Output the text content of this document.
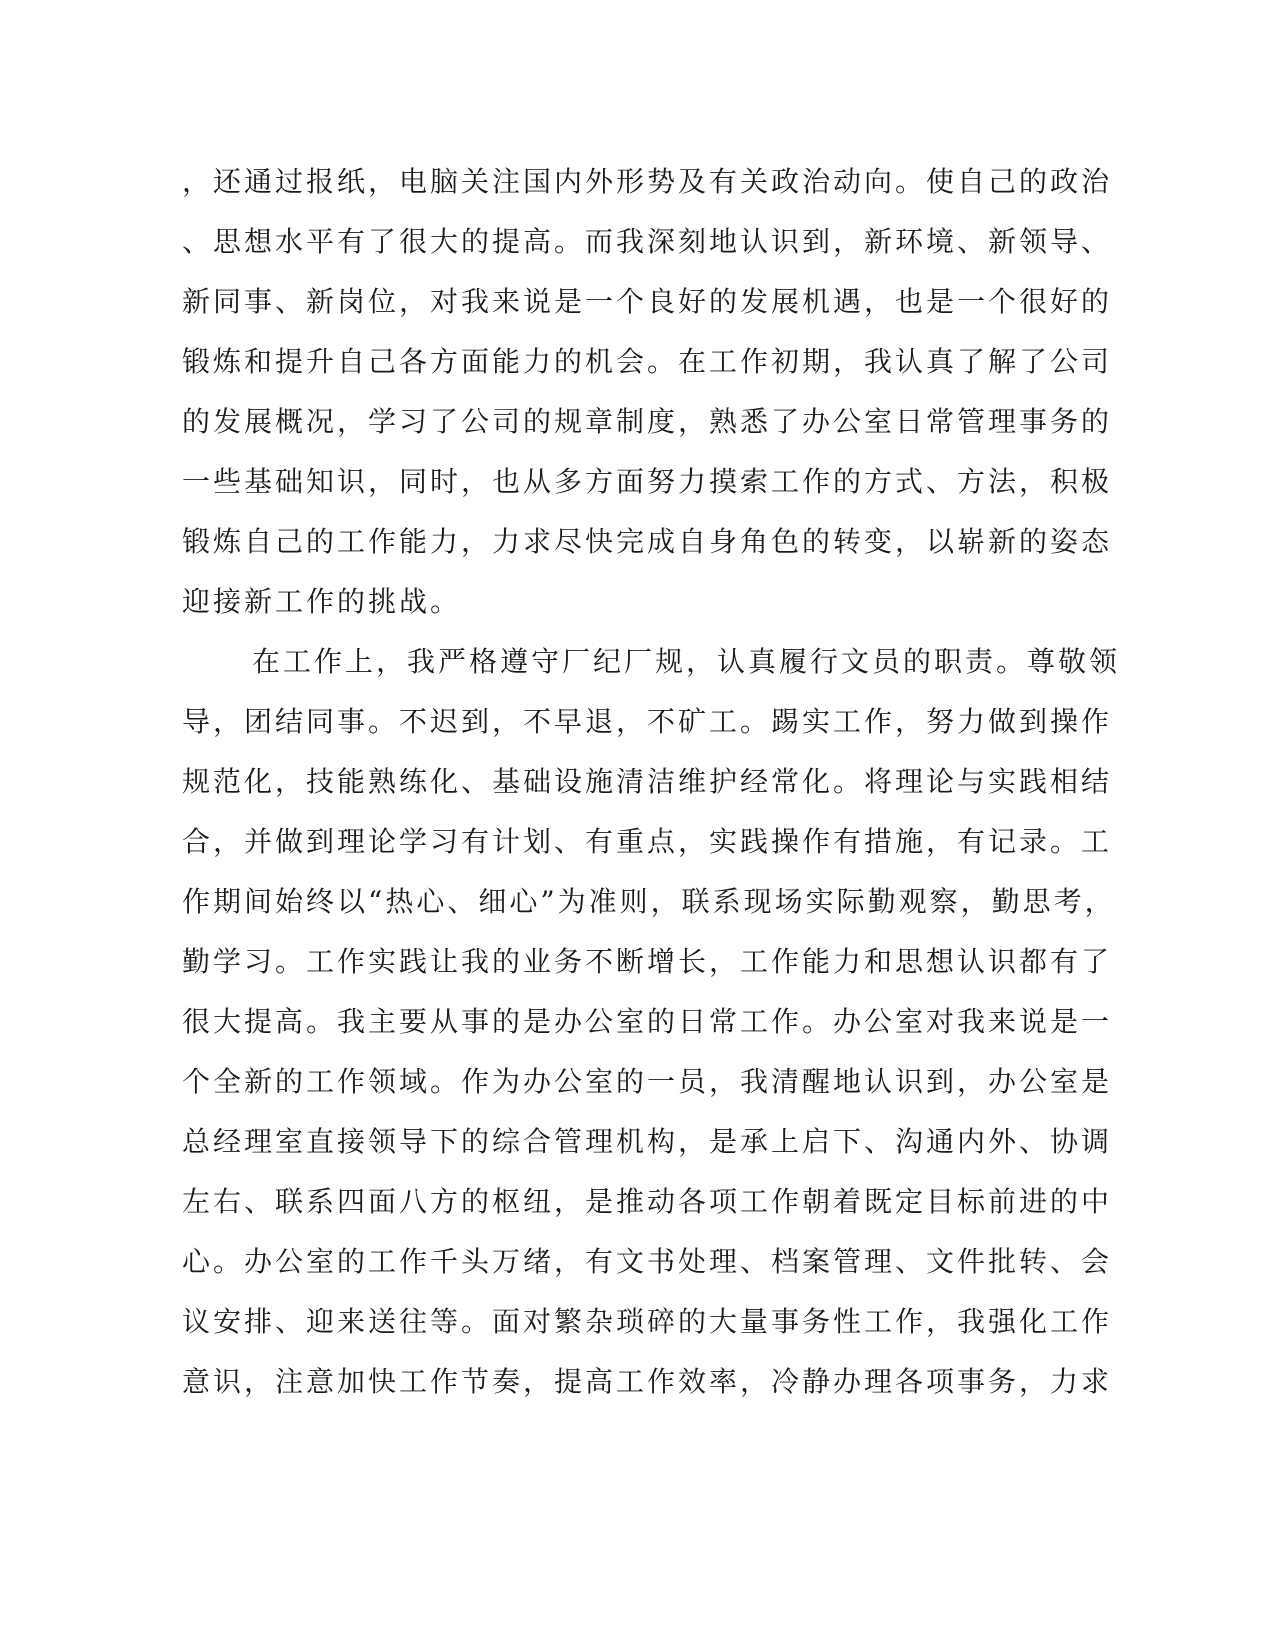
，还通过报纸，电脑关注国内外形势及有关政治动向。使自己的政治
、思想水平有了很大的提高。而我深刻地认识到，新环境、新领导、
新同事、新岗位，对我来说是一个良好的发展机遇，也是一个很好的
锻炼和提升自己各方面能力的机会。在工作初期，我认真了解了公司
的发展概况，学习了公司的规章制度，熟悉了办公室日常管理事务的
一些基础知识，同时，也从多方面努力摸索工作的方式、方法，积极
锻炼自己的工作能力，力求尽快完成自身角色的转变，以崭新的姿态
迎接新工作的挑战。
在工作上，我严格遵守厂纪厂规，认真履行文员的职责。尊敬领
导，团结同事。不迟到，不早退，不矿工。踢实工作，努力做到操作
规范化，技能熟练化、基础设施清洁维护经常化。将理论与实践相结
合，并做到理论学习有计划、有重点，实践操作有措施，有记录。工
作期间始终以“热心、细心”为准则，联系现场实际勤观察，勤思考，
勤学习。工作实践让我的业务不断增长，工作能力和思想认识都有了
很大提高。我主要从事的是办公室的日常工作。办公室对我来说是一
个全新的工作领域。作为办公室的一员，我清醒地认识到，办公室是
总经理室直接领导下的综合管理机构，是承上启下、沟通内外、协调
左右、联系四面八方的枢纽，是推动各项工作朝着既定目标前进的中
心。办公室的工作千头万绪，有文书处理、档案管理、文件批转、会
议安排、迎来送往等。面对繁杂琐碎的大量事务性工作，我强化工作
意识，注意加快工作节奏，提高工作效率，冷静办理各项事务，力求
